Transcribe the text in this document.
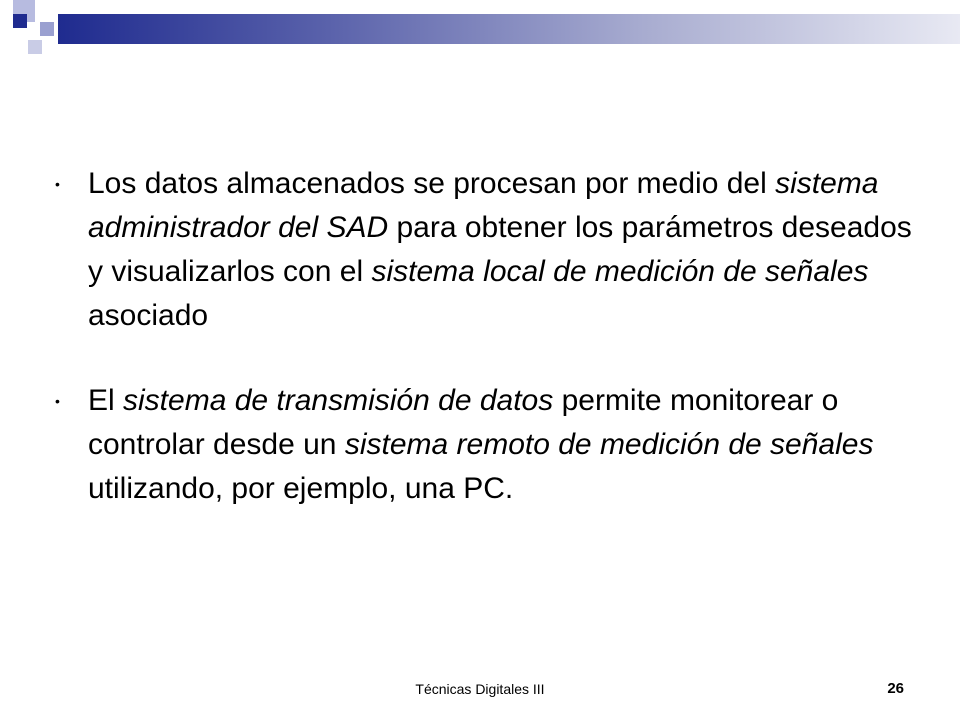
• Los datos almacenados se procesan por medio del sistema administrador del SAD para obtener los parámetros deseados y visualizarlos con el sistema local de medición de señales asociado
• El sistema de transmisión de datos permite monitorear o controlar desde un sistema remoto de medición de señales utilizando, por ejemplo, una PC.
Técnicas Digitales III	26
